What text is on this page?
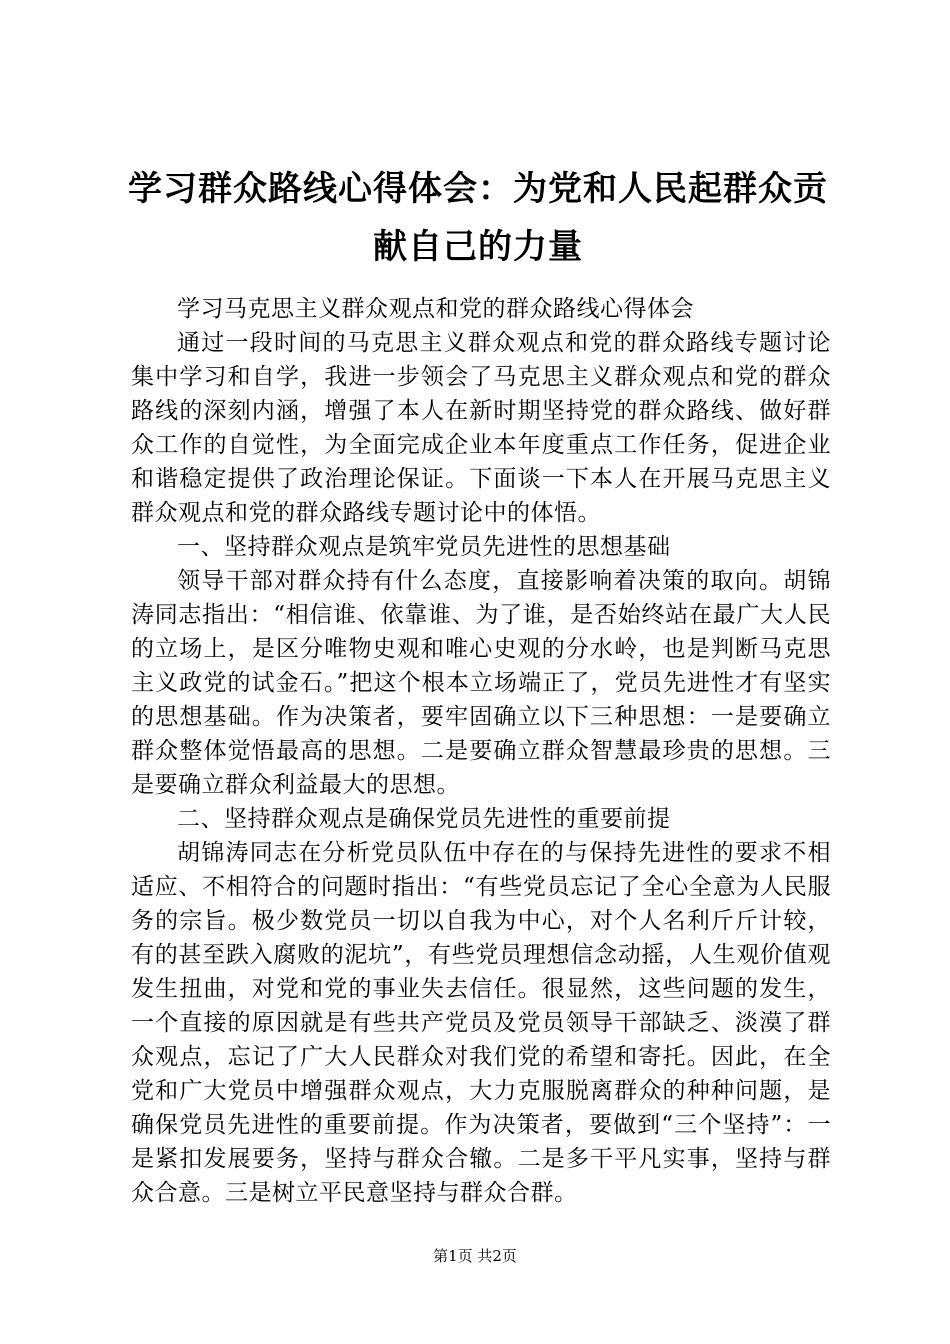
学习群众路线心得体会：为党和人民起群众贡献自己的力量

学习马克思主义群众观点和党的群众路线心得体会

通过一段时间的马克思主义群众观点和党的群众路线专题讨论集中学习和自学，我进一步领会了马克思主义群众观点和党的群众路线的深刻内涵，增强了本人在新时期坚持党的群众路线、做好群众工作的自觉性，为全面完成企业本年度重点工作任务，促进企业和谐稳定提供了政治理论保证。下面谈一下本人在开展马克思主义群众观点和党的群众路线专题讨论中的体悟。

一、坚持群众观点是筑牢党员先进性的思想基础

领导干部对群众持有什么态度，直接影响着决策的取向。胡锦涛同志指出：“相信谁、依靠谁、为了谁，是否始终站在最广大人民的立场上，是区分唯物史观和唯心史观的分水岭，也是判断马克思主义政党的试金石。”把这个根本立场端正了，党员先进性才有坚实的思想基础。作为决策者，要牢固确立以下三种思想：一是要确立群众整体觉悟最高的思想。二是要确立群众智慧最珍贵的思想。三是要确立群众利益最大的思想。

二、坚持群众观点是确保党员先进性的重要前提

胡锦涛同志在分析党员队伍中存在的与保持先进性的要求不相适应、不相符合的问题时指出：“有些党员忘记了全心全意为人民服务的宗旨。极少数党员一切以自我为中心，对个人名利斤斤计较，有的甚至跌入腐败的泥坑”，有些党员理想信念动摇，人生观价值观发生扭曲，对党和党的事业失去信任。很显然，这些问题的发生，一个直接的原因就是有些共产党员及党员领导干部缺乏、淡漠了群众观点，忘记了广大人民群众对我们党的希望和寄托。因此，在全党和广大党员中增强群众观点，大力克服脱离群众的种种问题，是确保党员先进性的重要前提。作为决策者，要做到“三个坚持”：一是紧扣发展要务，坚持与群众合辙。二是多干平凡实事，坚持与群众合意。三是树立平民意坚持与群众合群。

第1页 共2页
